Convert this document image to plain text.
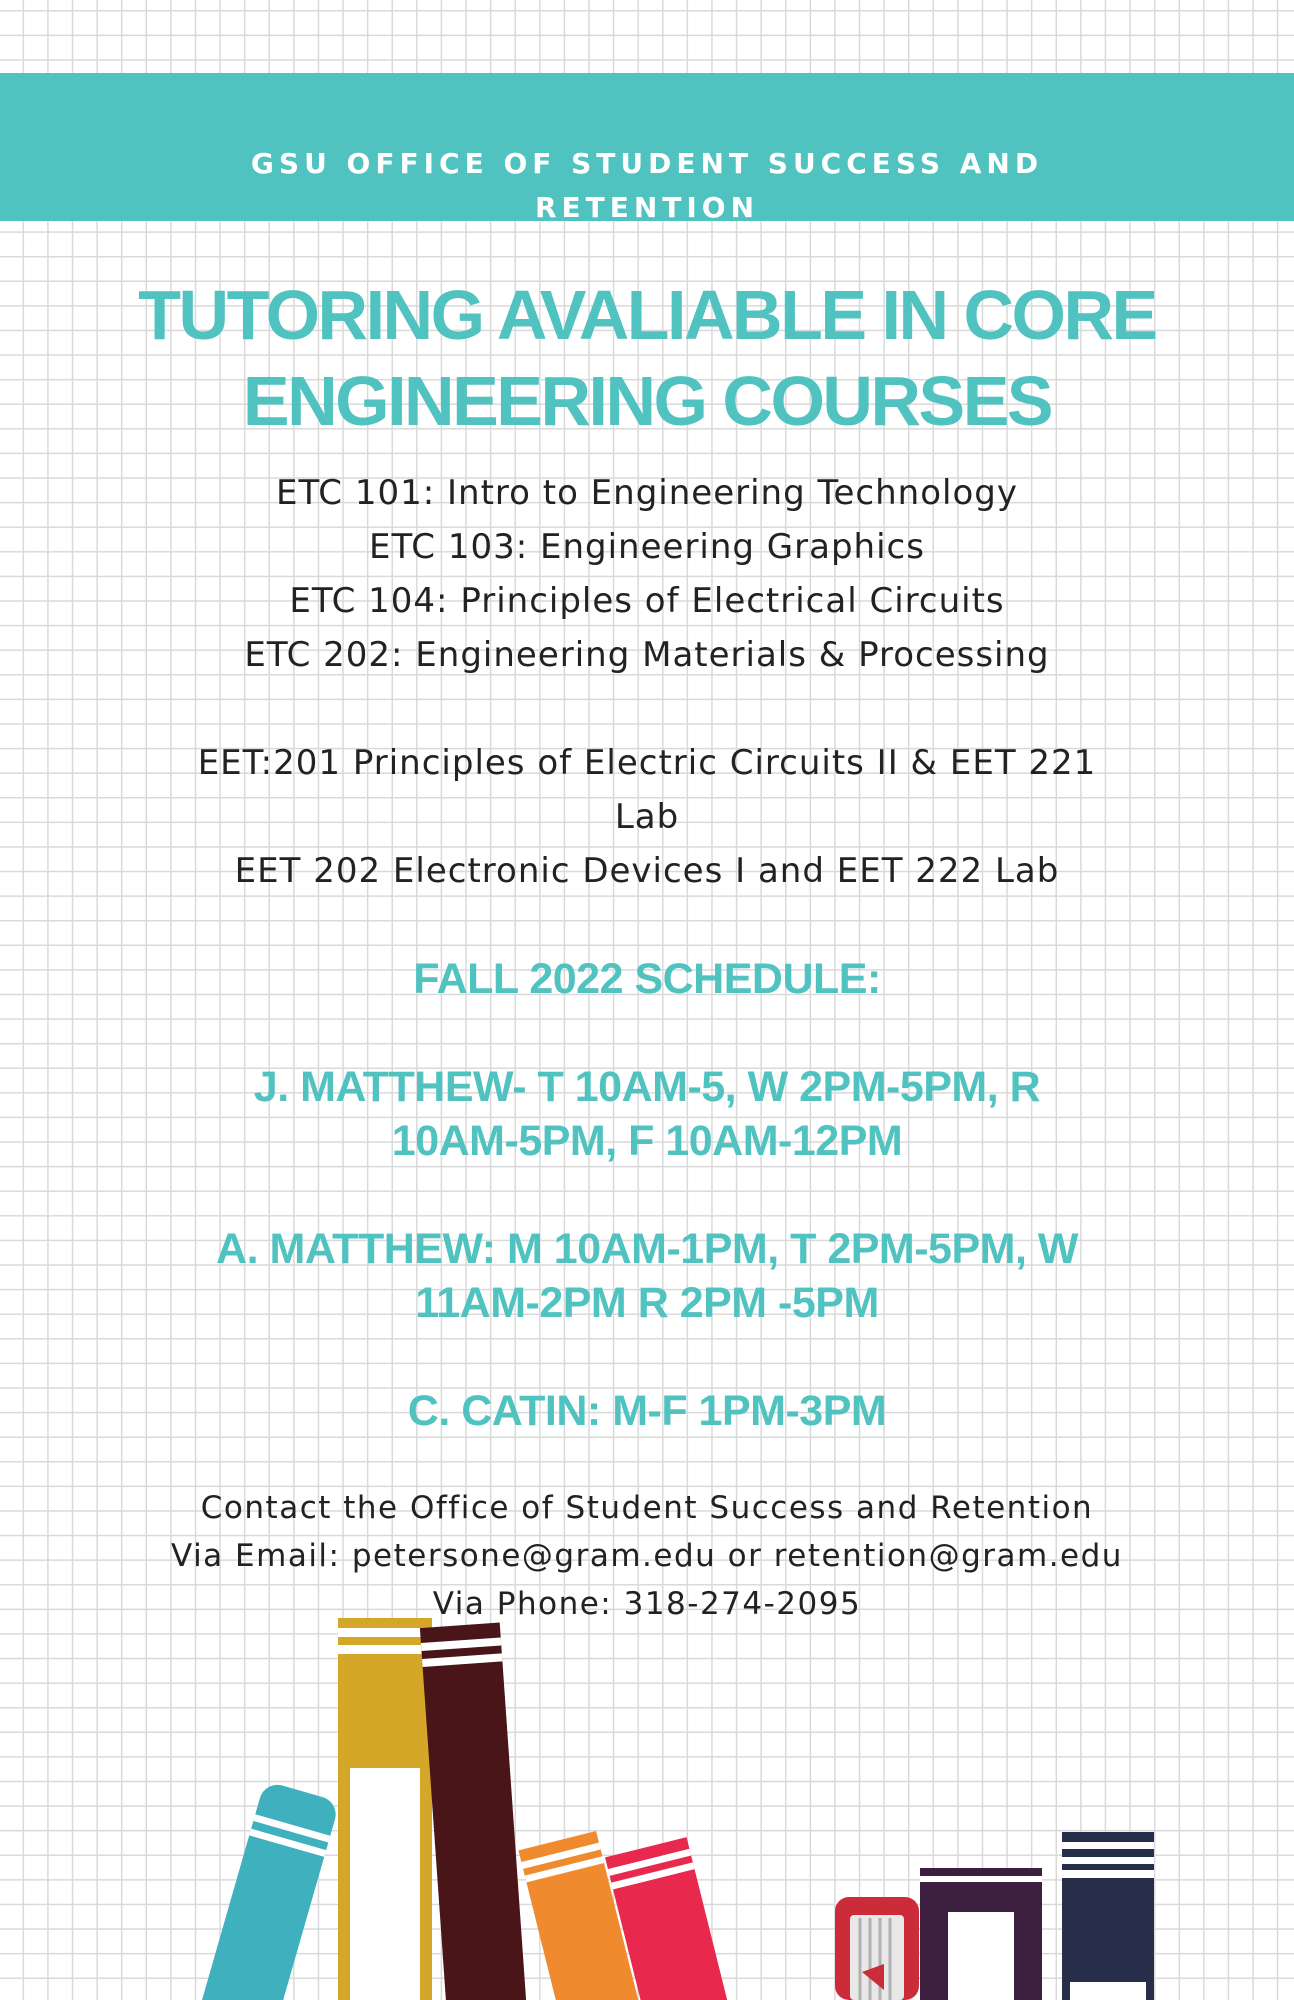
GSU OFFICE OF STUDENT SUCCESS AND
RETENTION
TUTORING AVALIABLE IN CORE
ENGINEERING COURSES
ETC 101: Intro to Engineering Technology
ETC 103: Engineering Graphics
ETC 104: Principles of Electrical Circuits
ETC 202: Engineering Materials & Processing
EET:201 Principles of Electric Circuits II & EET 221
Lab
EET 202 Electronic Devices I and EET 222 Lab
FALL 2022 SCHEDULE:
J. MATTHEW- T 10AM-5, W 2PM-5PM, R
10AM-5PM, F 10AM-12PM
A. MATTHEW: M 10AM-1PM, T 2PM-5PM, W
11AM-2PM R 2PM -5PM
C. CATIN: M-F 1PM-3PM
Contact the Office of Student Success and Retention
Via Email: petersone@gram.edu or retention@gram.edu
Via Phone: 318-274-2095
